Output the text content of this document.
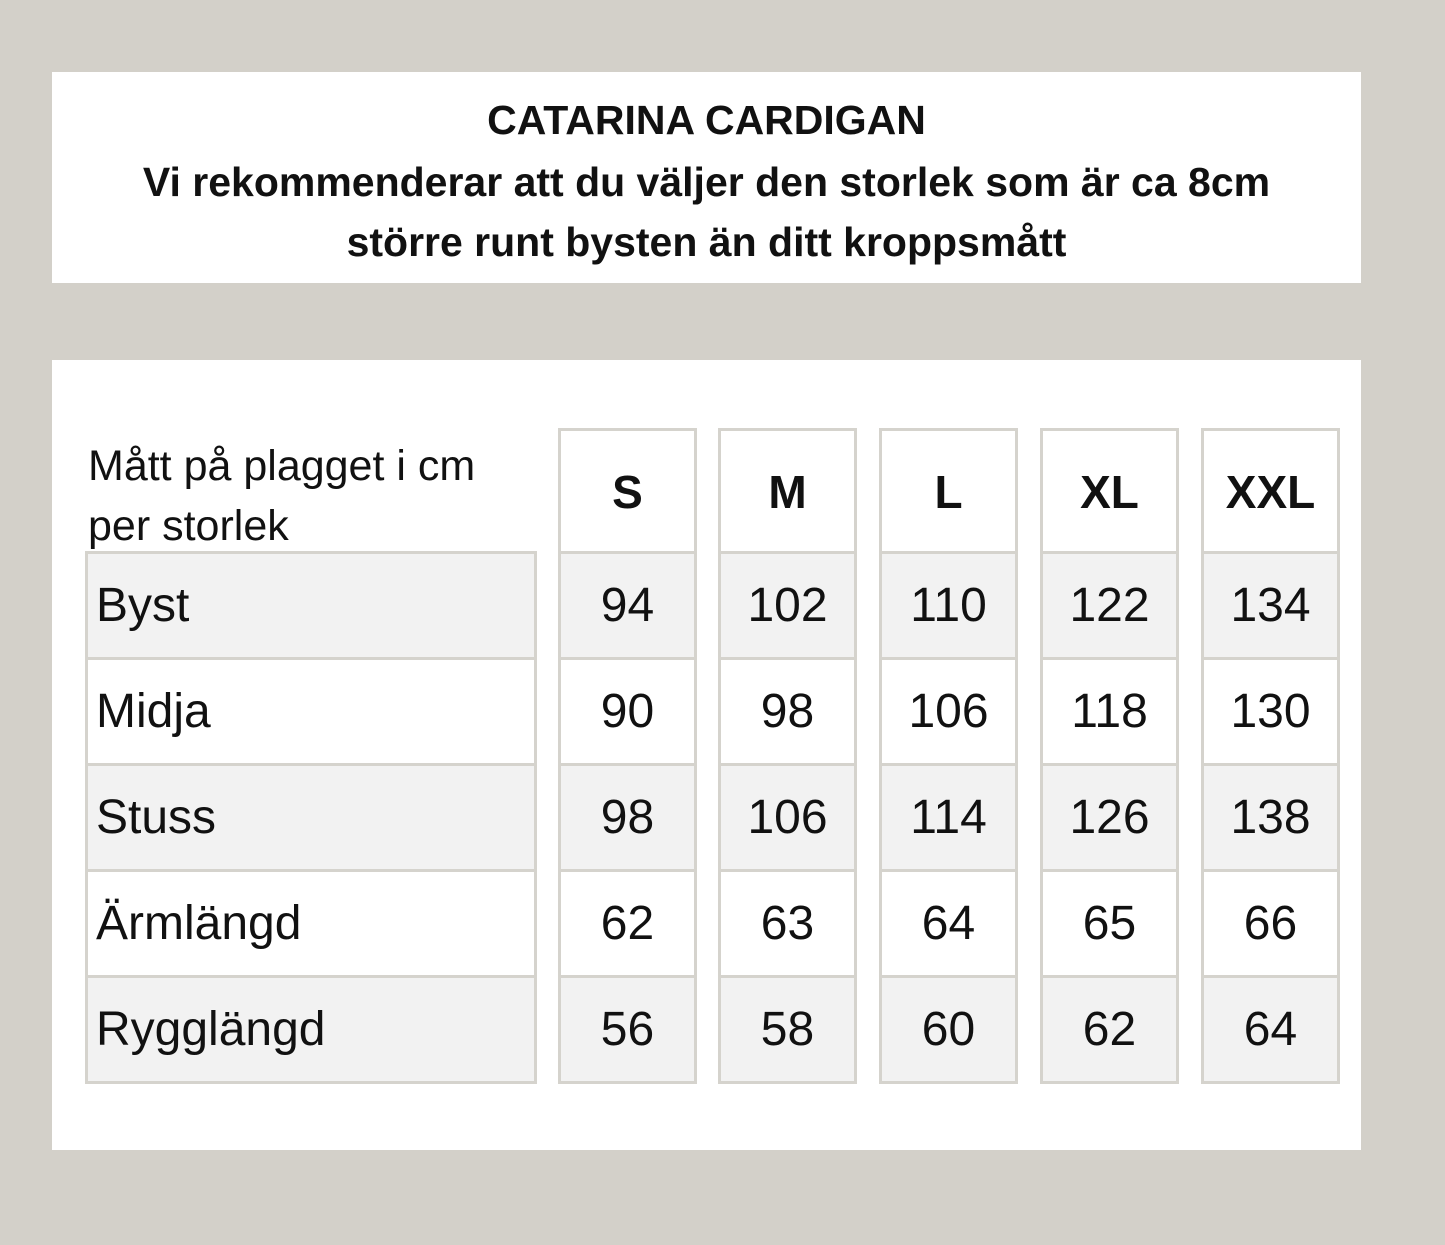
CATARINA CARDIGAN
Vi rekommenderar att du väljer den storlek som är ca 8cm
större runt bysten än ditt kroppsmått
Mått på plagget i cm
per storlek
S	M	L	XL	XXL
Byst	94	102	110	122	134
Midja	90	98	106	118	130
Stuss	98	106	114	126	138
Ärmlängd	62	63	64	65	66
Rygglängd	56	58	60	62	64
